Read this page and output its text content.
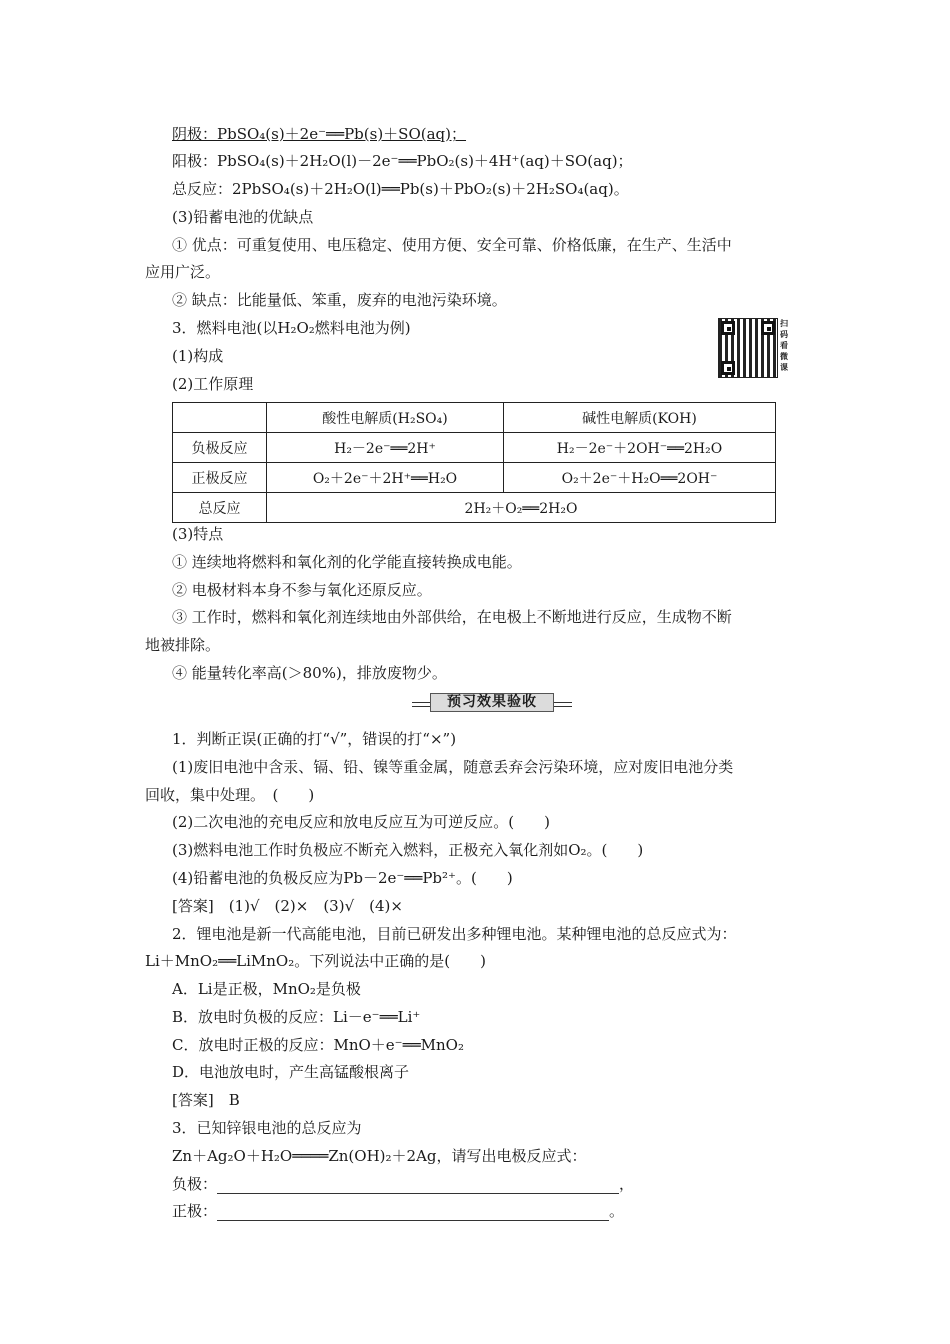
阴极：PbSO₄(s)＋2e⁻══Pb(s)＋SO(aq)；
阳极：PbSO₄(s)＋2H₂O(l)－2e⁻══PbO₂(s)＋4H⁺(aq)＋SO(aq)；
总反应：2PbSO₄(s)＋2H₂O(l)══Pb(s)＋PbO₂(s)＋2H₂SO₄(aq)。
(3)铅蓄电池的优缺点
① 优点：可重复使用、电压稳定、使用方便、安全可靠、价格低廉，在生产、生活中
应用广泛。
② 缺点：比能量低、笨重，废弃的电池污染环境。
3．燃料电池(以H₂O₂燃料电池为例)
(1)构成
(2)工作原理
扫码看微课
	酸性电解质(H₂SO₄)	碱性电解质(KOH)
负极反应	H₂－2e⁻══2H⁺	H₂－2e⁻＋2OH⁻══2H₂O
正极反应	O₂＋2e⁻＋2H⁺══H₂O	O₂＋2e⁻＋H₂O══2OH⁻
总反应	2H₂＋O₂══2H₂O	
(3)特点
① 连续地将燃料和氧化剂的化学能直接转换成电能。
② 电极材料本身不参与氧化还原反应。
③ 工作时，燃料和氧化剂连续地由外部供给，在电极上不断地进行反应，生成物不断
地被排除。
④ 能量转化率高(＞80%)，排放废物少。
预习效果验收
1．判断正误(正确的打“√”，错误的打“×”)
(1)废旧电池中含汞、镉、铅、镍等重金属，随意丢弃会污染环境，应对废旧电池分类
回收，集中处理。　(　　)
(2)二次电池的充电反应和放电反应互为可逆反应。(　　)
(3)燃料电池工作时负极应不断充入燃料，正极充入氧化剂如O₂。(　　)
(4)铅蓄电池的负极反应为Pb－2e⁻══Pb²⁺。(　　)
[答案]　(1)√　(2)×　(3)√　(4)×
2．锂电池是新一代高能电池，目前已研发出多种锂电池。某种锂电池的总反应式为：
Li＋MnO₂══LiMnO₂。下列说法中正确的是(　　)
A．Li是正极，MnO₂是负极
B．放电时负极的反应：Li－e⁻══Li⁺
C．放电时正极的反应：MnO＋e⁻══MnO₂
D．电池放电时，产生高锰酸根离子
[答案]　B
3．已知锌银电池的总反应为
Zn＋Ag₂O＋H₂O════Zn(OH)₂＋2Ag，请写出电极反应式：
负极：	，
正极：	。
